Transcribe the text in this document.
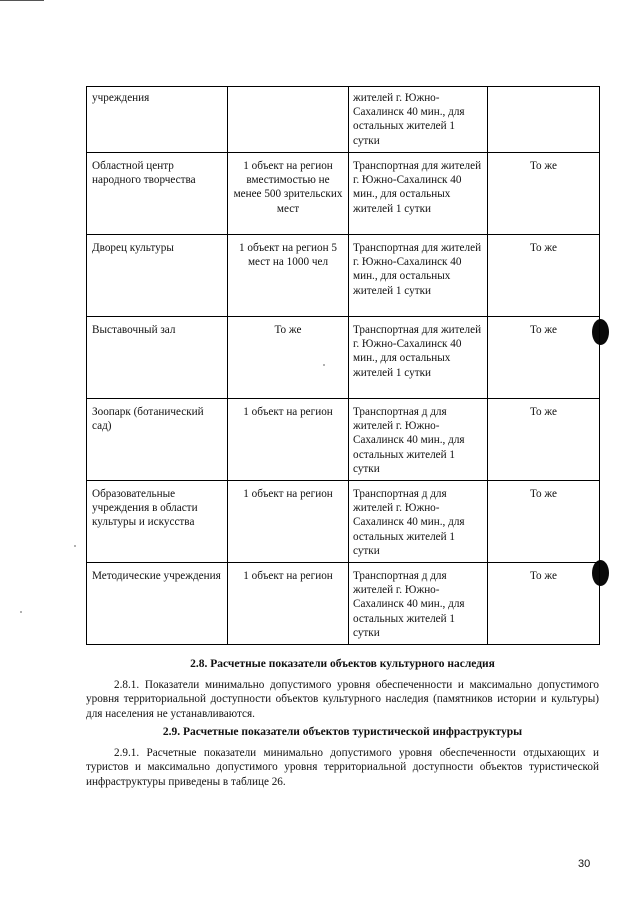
учреждения		жителей г. Южно-Сахалинск 40 мин., для остальных жителей 1 сутки	
Областной центр народного творчества	1 объект на регион вместимостью не менее 500 зрительских мест	Транспортная для жителей г. Южно-Сахалинск 40 мин., для остальных жителей 1 сутки	То же
Дворец культуры	1 объект на регион 5 мест на 1000 чел	Транспортная для жителей г. Южно-Сахалинск 40 мин., для остальных жителей 1 сутки	То же
Выставочный зал	То же	Транспортная для жителей г. Южно-Сахалинск 40 мин., для остальных жителей 1 сутки	То же
Зоопарк (ботанический сад)	1 объект на регион	Транспортная д для жителей г. Южно-Сахалинск 40 мин., для остальных жителей 1 сутки	То же
Образовательные учреждения в области культуры и искусства	1 объект на регион	Транспортная д для жителей г. Южно-Сахалинск 40 мин., для остальных жителей 1 сутки	То же
Методические учреждения	1 объект на регион	Транспортная д для жителей г. Южно-Сахалинск 40 мин., для остальных жителей 1 сутки	То же
2.8. Расчетные показатели объектов культурного наследия
2.8.1. Показатели минимально допустимого уровня обеспеченности и максимально допустимого уровня территориальной доступности объектов культурного наследия (памятников истории и культуры) для населения не устанавливаются.
2.9. Расчетные показатели объектов туристической инфраструктуры
2.9.1. Расчетные показатели минимально допустимого уровня обеспеченности отдыхающих и туристов и максимально допустимого уровня территориальной доступности объектов туристической инфраструктуры приведены в таблице 26.
30
